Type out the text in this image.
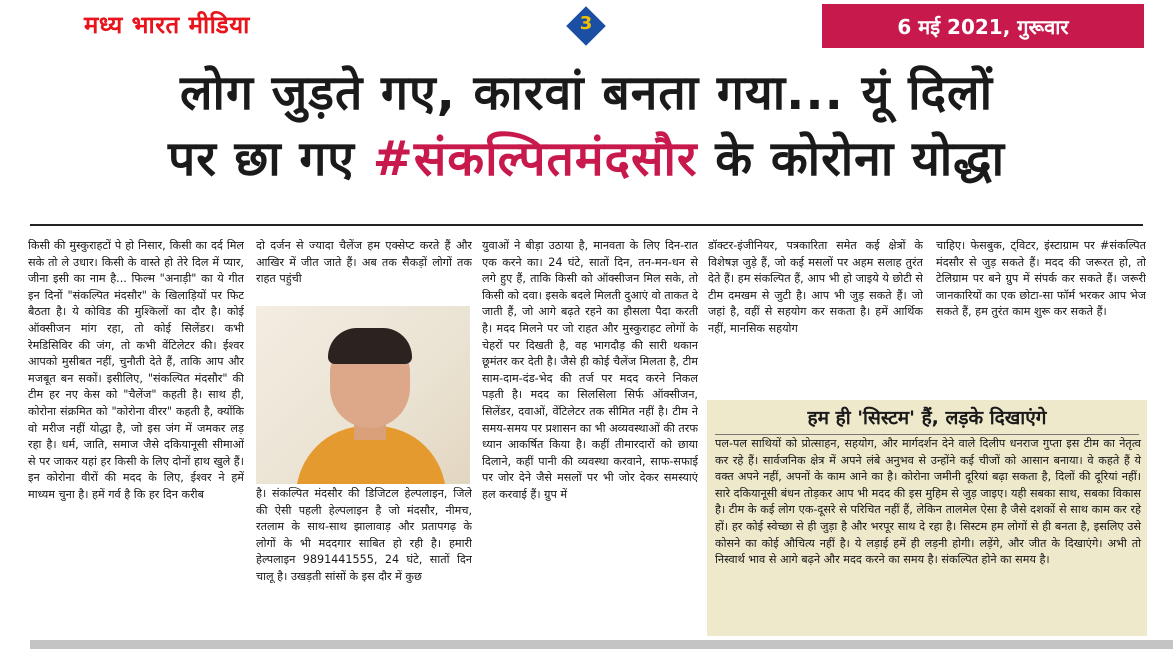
मध्य भारत मीडिया	3	6 मई 2021, गुरूवार
लोग जुड़ते गए, कारवां बनता गया... यूं दिलों
पर छा गए #संकल्पितमंदसौर के कोरोना योद्धा
किसी की मुस्कुराहटों पे हो निसार, किसी का दर्द मिल सके तो ले उधार। किसी के वास्ते हो तेरे दिल में प्यार, जीना इसी का नाम है... फिल्म "अनाड़ी" का ये गीत इन दिनों "संकल्पित मंदसौर" के खिलाड़ियों पर फिट बैठता है। ये कोविड की मुश्किलों का दौर है। कोई ऑक्सीजन मांग रहा, तो कोई सिलेंडर। कभी रेमडिसिविर की जंग, तो कभी वेंटिलेटर की। ईश्वर आपको मुसीबत नहीं, चुनौती देते हैं, ताकि आप और मजबूत बन सकों। इसीलिए, "संकल्पित मंदसौर" की टीम हर नए केस को "चैलेंज" कहती है। साथ ही, कोरोना संक्रमित को "कोरोना वीरर" कहती है, क्योंकि वो मरीज नहीं योद्धा है, जो इस जंग में जमकर लड़ रहा है। धर्म, जाति, समाज जैसे दकियानूसी सीमाओं से पर जाकर यहां हर किसी के लिए दोनों हाथ खुले हैं। इन कोरोना वीरों की मदद के लिए, ईश्वर ने हमें माध्यम चुना है। हमें गर्व है कि हर दिन करीब
दो दर्जन से ज्यादा चैलेंज हम एक्सेप्ट करते हैं और आखिर में जीत जाते हैं। अब तक सैकड़ों लोगों तक राहत पहुंची
है। संकल्पित मंदसौर की डिजिटल हेल्पलाइन, जिले की ऐसी पहली हेल्पलाइन है जो मंदसौर, नीमच, रतलाम के साथ-साथ झालावाड़ और प्रतापगढ़ के लोगों के भी मददगार साबित हो रही है। हमारी हेल्पलाइन 9891441555, 24 घंटे, सातों दिन चालू है। उखड़ती सांसों के इस दौर में कुछ
युवाओं ने बीड़ा उठाया है, मानवता के लिए दिन-रात एक करने का। 24 घंटे, सातों दिन, तन-मन-धन से लगे हुए हैं, ताकि किसी को ऑक्सीजन मिल सके, तो किसी को दवा। इसके बदले मिलती दुआएं वो ताकत दे जाती हैं, जो आगे बढ़ते रहने का हौसला पैदा करती है। मदद मिलने पर जो राहत और मुस्कुराहट लोगों के चेहरों पर दिखती है, वह भागदौड़ की सारी थकान छूमंतर कर देती है। जैसे ही कोई चैलेंज मिलता है, टीम साम-दाम-दंड-भेद की तर्ज पर मदद करने निकल पड़ती है। मदद का सिलसिला सिर्फ ऑक्सीजन, सिलेंडर, दवाओं, वेंटिलेटर तक सीमित नहीं है। टीम ने समय-समय पर प्रशासन का भी अव्यवस्थाओं की तरफ ध्यान आकर्षित किया है। कहीं तीमारदारों को छाया दिलाने, कहीं पानी की व्यवस्था करवाने, साफ-सफाई पर जोर देने जैसे मसलों पर भी जोर देकर समस्याएं हल करवाई हैं। ग्रुप में
डॉक्टर-इंजीनियर, पत्रकारिता समेत कई क्षेत्रों के विशेषज्ञ जुड़े हैं, जो कई मसलों पर अहम सलाह तुरंत देते हैं। हम संकल्पित हैं, आप भी हो जाइये ये छोटी से टीम दमखम से जुटी है। आप भी जुड़ सकते हैं। जो जहां है, वहीं से सहयोग कर सकता है। हमें आर्थिक नहीं, मानसिक सहयोग
चाहिए। फेसबुक, ट्विटर, इंस्टाग्राम पर #संकल्पित मंदसौर से जुड़ सकते हैं। मदद की जरूरत हो, तो टेलिग्राम पर बने ग्रुप में संपर्क कर सकते हैं। जरूरी जानकारियों का एक छोटा-सा फॉर्म भरकर आप भेज सकते हैं, हम तुरंत काम शुरू कर सकते हैं।
हम ही 'सिस्टम' हैं, लड़के दिखाएंगे
पल-पल साथियों को प्रोत्साहन, सहयोग, और मार्गदर्शन देने वाले दिलीप धनराज गुप्ता इस टीम का नेतृत्व कर रहे हैं। सार्वजनिक क्षेत्र में अपने लंबे अनुभव से उन्होंने कई चीजों को आसान बनाया। वे कहते हैं ये वक्त अपने नहीं, अपनों के काम आने का है। कोरोना जमीनी दूरियां बढ़ा सकता है, दिलों की दूरियां नहीं। सारे दकियानूसी बंधन तोड़कर आप भी मदद की इस मुहिम से जुड़ जाइए। यही सबका साथ, सबका विकास है। टीम के कई लोग एक-दूसरे से परिचित नहीं हैं, लेकिन तालमेल ऐसा है जैसे दशकों से साथ काम कर रहे हों। हर कोई स्वेच्छा से ही जुड़ा है और भरपूर साथ दे रहा है। सिस्टम हम लोगों से ही बनता है, इसलिए उसे कोसने का कोई औचित्य नहीं है। ये लड़ाई हमें ही लड़नी होगी। लड़ेंगे, और जीत के दिखाएंगे। अभी तो निस्वार्थ भाव से आगे बढ़ने और मदद करने का समय है। संकल्पित होने का समय है।
